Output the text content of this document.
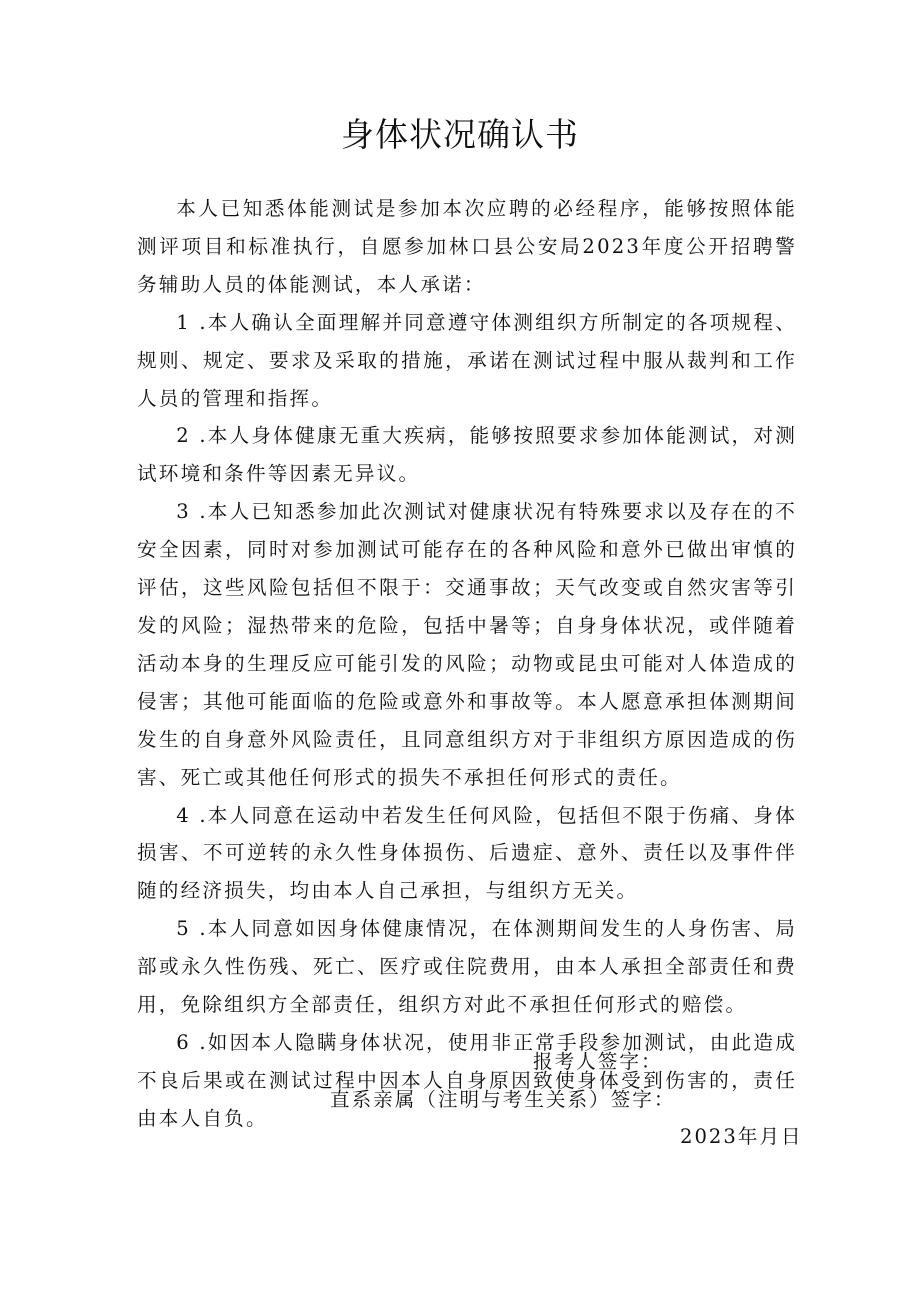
身体状况确认书

本人已知悉体能测试是参加本次应聘的必经程序，能够按照体能测评项目和标准执行，自愿参加林口县公安局2023年度公开招聘警务辅助人员的体能测试，本人承诺：

1 .本人确认全面理解并同意遵守体测组织方所制定的各项规程、规则、规定、要求及采取的措施，承诺在测试过程中服从裁判和工作人员的管理和指挥。

2 .本人身体健康无重大疾病，能够按照要求参加体能测试，对测试环境和条件等因素无异议。

3 .本人已知悉参加此次测试对健康状况有特殊要求以及存在的不安全因素，同时对参加测试可能存在的各种风险和意外已做出审慎的评估，这些风险包括但不限于：交通事故；天气改变或自然灾害等引发的风险；湿热带来的危险，包括中暑等；自身身体状况，或伴随着活动本身的生理反应可能引发的风险；动物或昆虫可能对人体造成的侵害；其他可能面临的危险或意外和事故等。本人愿意承担体测期间发生的自身意外风险责任，且同意组织方对于非组织方原因造成的伤害、死亡或其他任何形式的损失不承担任何形式的责任。

4 .本人同意在运动中若发生任何风险，包括但不限于伤痛、身体损害、不可逆转的永久性身体损伤、后遗症、意外、责任以及事件伴随的经济损失，均由本人自己承担，与组织方无关。

5 .本人同意如因身体健康情况，在体测期间发生的人身伤害、局部或永久性伤残、死亡、医疗或住院费用，由本人承担全部责任和费用，免除组织方全部责任，组织方对此不承担任何形式的赔偿。

6 .如因本人隐瞒身体状况，使用非正常手段参加测试，由此造成不良后果或在测试过程中因本人自身原因致使身体受到伤害的，责任由本人自负。

报考人签字：
直系亲属（注明与考生关系）签字：
2023年月日
